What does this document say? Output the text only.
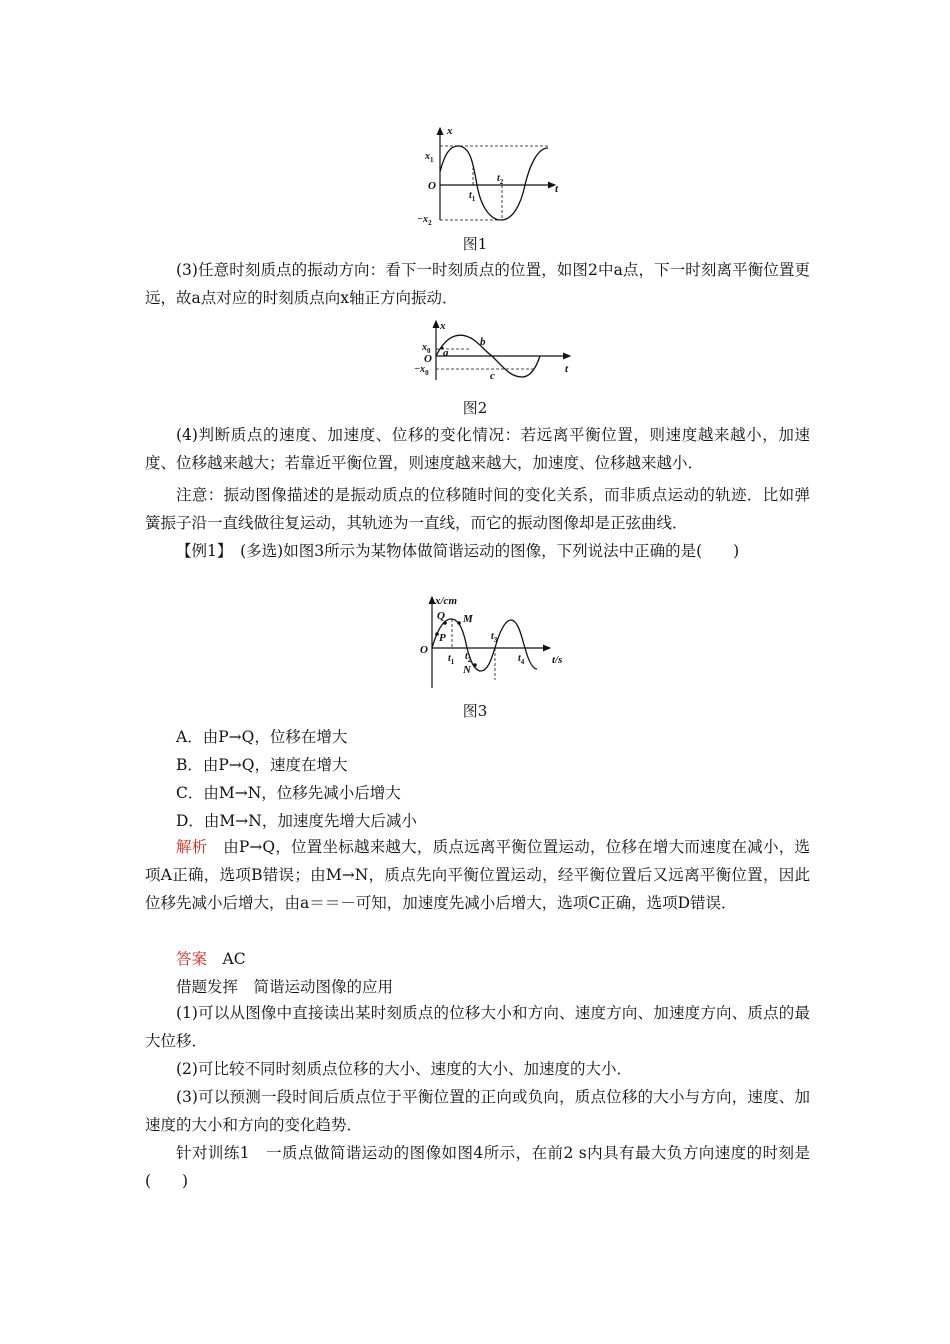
x
t
O
$x_1$
$-x_2$
$t_1$
$t_2$
图1

(3)任意时刻质点的振动方向：看下一时刻质点的位置，如图2中a点，下一时刻离平衡位置更远，故a点对应的时刻质点向x轴正方向振动．

x
t
O
$x_0$
$-x_0$
a
b
c
图2

(4)判断质点的速度、加速度、位移的变化情况：若远离平衡位置，则速度越来越小，加速度、位移越来越大；若靠近平衡位置，则速度越来越大，加速度、位移越来越小．

注意：振动图像描述的是振动质点的位移随时间的变化关系，而非质点运动的轨迹．比如弹簧振子沿一直线做往复运动，其轨迹为一直线，而它的振动图像却是正弦曲线．

【例1】　(多选)如图3所示为某物体做简谐运动的图像，下列说法中正确的是(　　)

x/cm
t/s
O
P
Q M
N
$t_1$ $t_2$
$t_3$
$t_4$
图3
A．由P→Q，位移在增大
B．由P→Q，速度在增大
C．由M→N，位移先减小后增大
D．由M→N，加速度先增大后减小

解析　由P→Q，位置坐标越来越大，质点远离平衡位置运动，位移在增大而速度在减小，选项A正确，选项B错误；由M→N，质点先向平衡位置运动，经平衡位置后又远离平衡位置，因此位移先减小后增大，由a＝＝－可知，加速度先减小后增大，选项C正确，选项D错误．

答案　AC
借题发挥　简谐运动图像的应用

(1)可以从图像中直接读出某时刻质点的位移大小和方向、速度方向、加速度方向、质点的最大位移．

(2)可比较不同时刻质点位移的大小、速度的大小、加速度的大小．

(3)可以预测一段时间后质点位于平衡位置的正向或负向，质点位移的大小与方向，速度、加速度的大小和方向的变化趋势．

针对训练1　一质点做简谐运动的图像如图4所示，在前2 s内具有最大负方向速度的时刻是(　　)
